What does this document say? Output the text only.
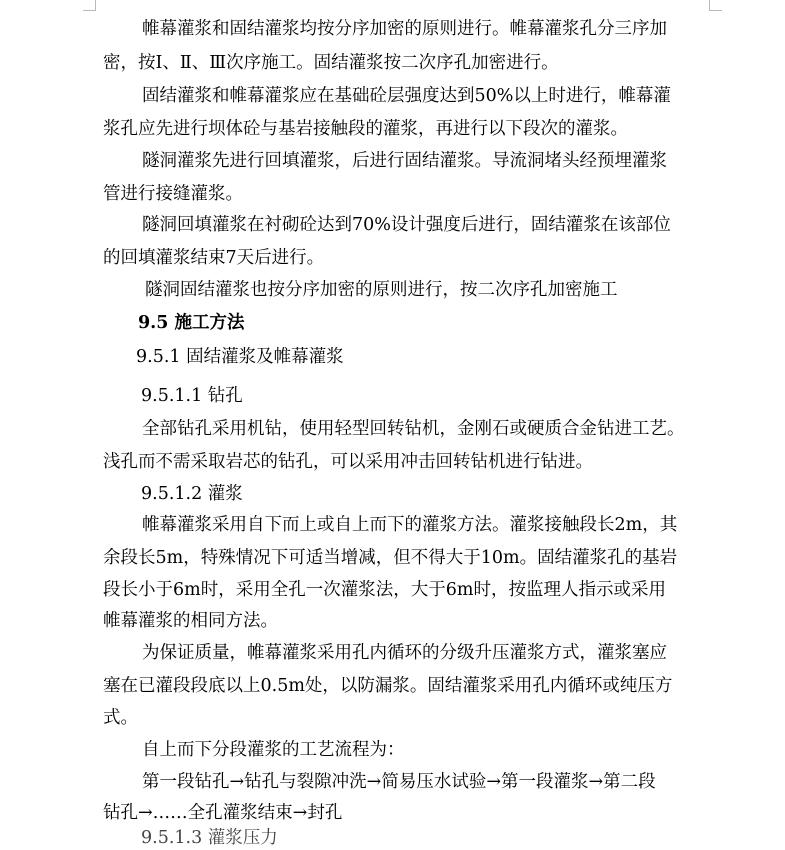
帷幕灌浆和固结灌浆均按分序加密的原则进行。帷幕灌浆孔分三序加
密，按Ⅰ、Ⅱ、Ⅲ次序施工。固结灌浆按二次序孔加密进行。
固结灌浆和帷幕灌浆应在基础砼层强度达到50%以上时进行，帷幕灌
浆孔应先进行坝体砼与基岩接触段的灌浆，再进行以下段次的灌浆。
隧洞灌浆先进行回填灌浆，后进行固结灌浆。导流洞堵头经预埋灌浆
管进行接缝灌浆。
隧洞回填灌浆在衬砌砼达到70%设计强度后进行，固结灌浆在该部位
的回填灌浆结束7天后进行。
隧洞固结灌浆也按分序加密的原则进行，按二次序孔加密施工
9.5 施工方法
9.5.1 固结灌浆及帷幕灌浆
9.5.1.1 钻孔
全部钻孔采用机钻，使用轻型回转钻机，金刚石或硬质合金钻进工艺。
浅孔而不需采取岩芯的钻孔，可以采用冲击回转钻机进行钻进。
9.5.1.2 灌浆
帷幕灌浆采用自下而上或自上而下的灌浆方法。灌浆接触段长2m，其
余段长5m，特殊情况下可适当增减，但不得大于10m。固结灌浆孔的基岩
段长小于6m时，采用全孔一次灌浆法，大于6m时，按监理人指示或采用
帷幕灌浆的相同方法。
为保证质量，帷幕灌浆采用孔内循环的分级升压灌浆方式，灌浆塞应
塞在已灌段段底以上0.5m处，以防漏浆。固结灌浆采用孔内循环或纯压方
式。
自上而下分段灌浆的工艺流程为：
第一段钻孔→钻孔与裂隙冲洗→简易压水试验→第一段灌浆→第二段
钻孔→……全孔灌浆结束→封孔
9.5.1.3 灌浆压力
